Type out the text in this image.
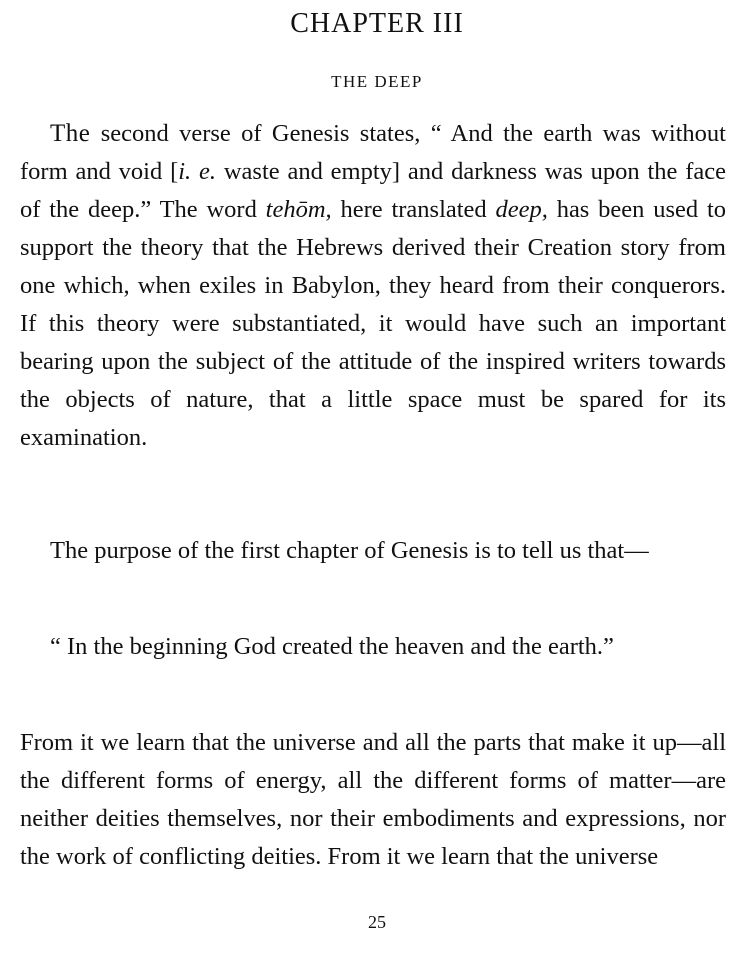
CHAPTER III
THE DEEP
The second verse of Genesis states, “ And the earth was without form and void [i. e. waste and empty] and darkness was upon the face of the deep.” The word tehōm, here translated deep, has been used to support the theory that the Hebrews derived their Creation story from one which, when exiles in Babylon, they heard from their conquerors. If this theory were substantiated, it would have such an important bearing upon the subject of the attitude of the inspired writers towards the objects of nature, that a little space must be spared for its examination.
The purpose of the first chapter of Genesis is to tell us that—
“ In the beginning God created the heaven and the earth.”
From it we learn that the universe and all the parts that make it up—all the different forms of energy, all the different forms of matter—are neither deities themselves, nor their embodiments and expressions, nor the work of conflicting deities. From it we learn that the universe
25
